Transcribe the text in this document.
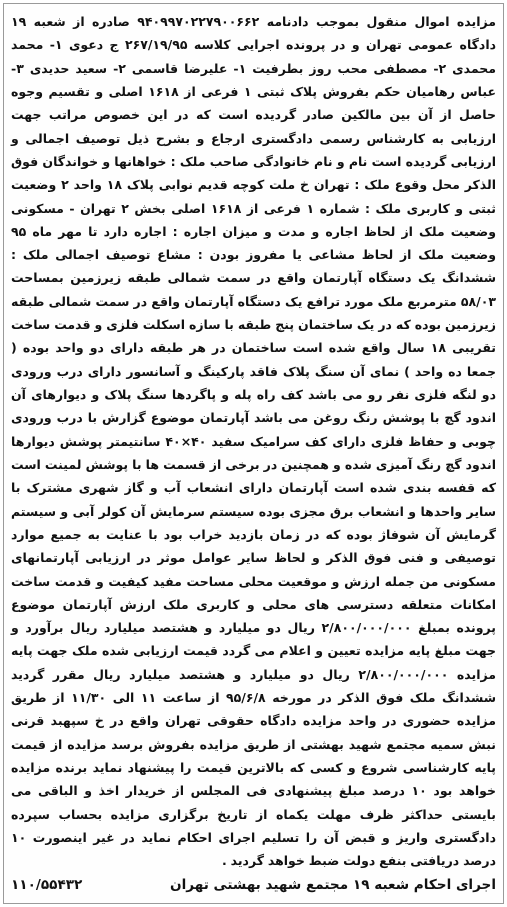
مزایده اموال منقول بموجب دادنامه ۹۴۰۹۹۷۰۲۲۷۹۰۰۶۶۲ صادره از شعبه ۱۹ دادگاه عمومی تهران و در پرونده اجرایی کلاسه ۲۶۷/۱۹/۹۵ ج دعوی ۱- محمد محمدی ۲- مصطفی محب روز بطرفیت ۱- علیرضا قاسمی ۲- سعید حدیدی ۳- عباس رهامیان حکم بفروش پلاک ثبتی ۱ فرعی از ۱۶۱۸ اصلی و تقسیم وجوه حاصل از آن بین مالکین صادر گردیده است که در این خصوص مراتب جهت ارزیابی به کارشناس رسمی دادگستری ارجاع و بشرح ذیل توصیف اجمالی و ارزیابی گردیده است نام و نام خانوادگی صاحب ملک : خواهانها و خواندگان فوق الذکر محل وقوع ملک : تهران خ ملت کوچه قدیم نوابی پلاک ۱۸ واحد ۲ وضعیت ثبتی و کاربری ملک : شماره ۱ فرعی از ۱۶۱۸ اصلی بخش ۲ تهران - مسکونی وضعیت ملک از لحاظ اجاره و مدت و میزان اجاره : اجاره دارد تا مهر ماه ۹۵ وضعیت ملک از لحاظ مشاعی یا مفروز بودن : مشاع توصیف اجمالی ملک : ششدانگ یک دستگاه آپارتمان واقع در سمت شمالی طبقه زیرزمین بمساحت ۵۸/۰۳ مترمربع ملک مورد ترافع یک دستگاه آپارتمان واقع در سمت شمالی طبقه زیرزمین بوده که در یک ساختمان پنج طبقه با سازه اسکلت فلزی و قدمت ساخت تقریبی ۱۸ سال واقع شده است ساختمان در هر طبقه دارای دو واحد بوده ( جمعا ده واحد ) نمای آن سنگ پلاک فاقد پارکینگ و آسانسور دارای درب ورودی دو لنگه فلزی نفر رو می باشد کف راه پله و پاگردها سنگ پلاک و دیوارهای آن اندود گچ با پوشش رنگ روغن می باشد آپارتمان موضوع گزارش با درب ورودی چوبی و حفاظ فلزی دارای کف سرامیک سفید ۴۰×۴۰ سانتیمتر پوشش دیوارها اندود گچ رنگ آمیزی شده و همچنین در برخی از قسمت ها با پوشش لمینت است که قفسه بندی شده است آپارتمان دارای انشعاب آب و گاز شهری مشترک با سایر واحدها و انشعاب برق مجزی بوده سیستم سرمایش آن کولر آبی و سیستم گرمایش آن شوفاژ بوده که در زمان بازدید خراب بود با عنایت به جمیع موارد توصیفی و فنی فوق الذکر و لحاظ سایر عوامل موثر در ارزیابی آپارتمانهای مسکونی من جمله ارزش و موقعیت محلی مساحت مفید کیفیت و قدمت ساخت امکانات متعلقه دسترسی های محلی و کاربری ملک ارزش آپارتمان موضوع پرونده بمبلغ ۲/۸۰۰/۰۰۰/۰۰۰ ریال دو میلیارد و هشتصد میلیارد ریال برآورد و جهت مبلغ پایه مزایده تعیین و اعلام می گردد قیمت ارزیابی شده ملک جهت پایه مزایده ۲/۸۰۰/۰۰۰/۰۰۰ ریال دو میلیارد و هشتصد میلیارد ریال مقرر گردید ششدانگ ملک فوق الذکر در مورخه ۹۵/۶/۸ از ساعت ۱۱ الی ۱۱/۳۰ از طریق مزایده حضوری در واحد مزایده دادگاه حقوقی تهران واقع در خ سپهبد قرنی نبش سمیه مجتمع شهید بهشتی از طریق مزایده بفروش برسد مزایده از قیمت پایه کارشناسی شروع و کسی که بالاترین قیمت را پیشنهاد نماید برنده مزایده خواهد بود ۱۰ درصد مبلغ پیشنهادی فی المجلس از خریدار اخذ و الباقی می بایستی حداکثر ظرف مهلت یکماه از تاریخ برگزاری مزایده بحساب سپرده دادگستری واریز و قبض آن را تسلیم اجرای احکام نماید در غیر اینصورت ۱۰ درصد دریافتی بنفع دولت ضبط خواهد گردید .

اجرای احکام شعبه ۱۹ مجتمع شهید بهشتی تهران
۱۱۰/۵۵۴۳۲
